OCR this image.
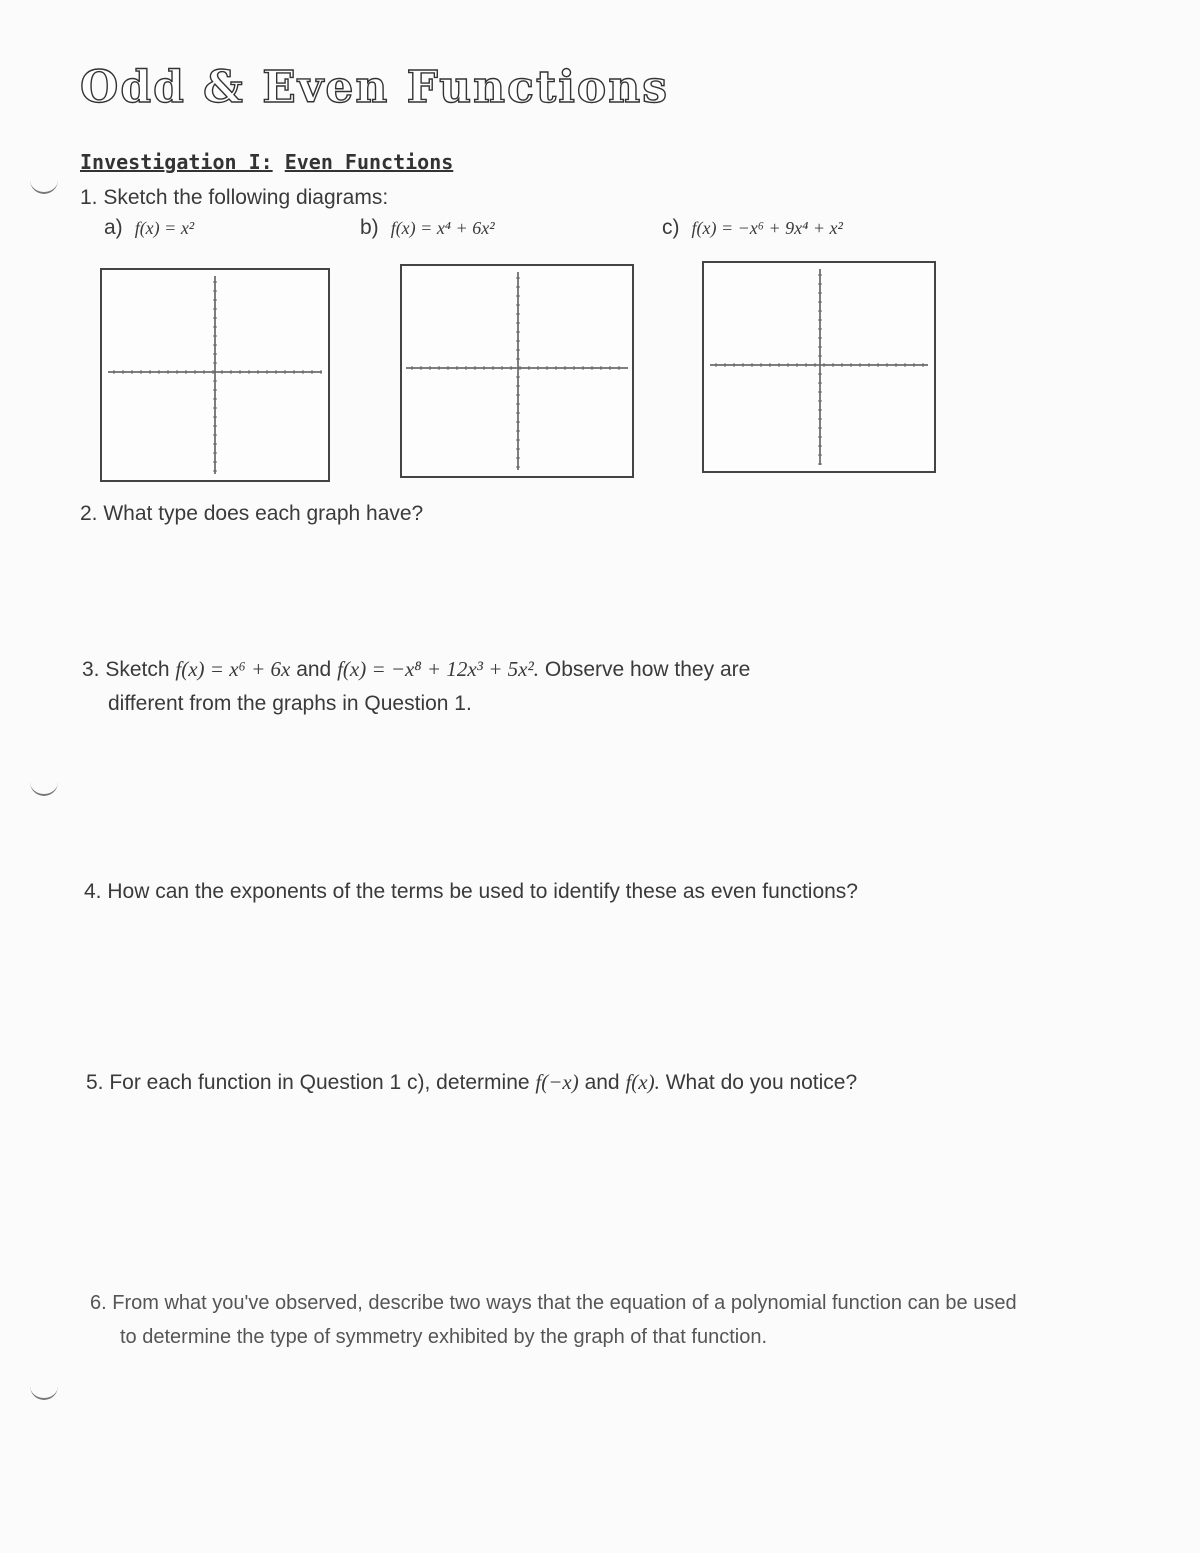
Odd & Even Functions
Investigation I: Even Functions
1. Sketch the following diagrams:
a) f(x) = x²	b) f(x) = x⁴ + 6x²	c) f(x) = −x⁶ + 9x⁴ + x²
2. What type does each graph have?
3. Sketch f(x) = x⁶ + 6x and f(x) = −x⁸ + 12x³ + 5x². Observe how they are
different from the graphs in Question 1.
4. How can the exponents of the terms be used to identify these as even functions?
5. For each function in Question 1 c), determine f(−x) and f(x). What do you notice?
6. From what you've observed, describe two ways that the equation of a polynomial function can be used
to determine the type of symmetry exhibited by the graph of that function.
